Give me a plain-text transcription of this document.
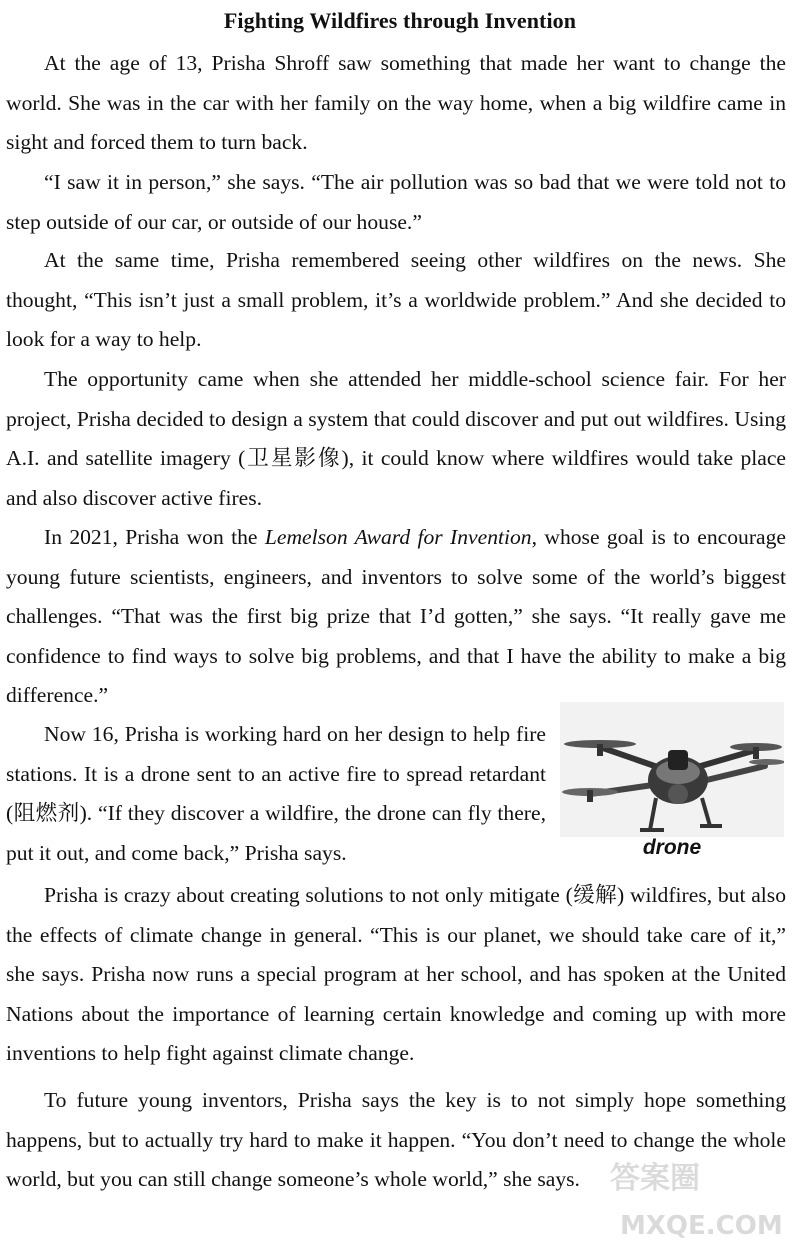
Fighting Wildfires through Invention

At the age of 13, Prisha Shroff saw something that made her want to change the world. She was in the car with her family on the way home, when a big wildfire came in sight and forced them to turn back.

“I saw it in person,” she says. “The air pollution was so bad that we were told not to step outside of our car, or outside of our house.”

At the same time, Prisha remembered seeing other wildfires on the news. She thought, “This isn’t just a small problem, it’s a worldwide problem.” And she decided to look for a way to help.

The opportunity came when she attended her middle-school science fair. For her project, Prisha decided to design a system that could discover and put out wildfires. Using A.I. and satellite imagery (卫星影像), it could know where wildfires would take place and also discover active fires.

In 2021, Prisha won the Lemelson Award for Invention, whose goal is to encourage young future scientists, engineers, and inventors to solve some of the world’s biggest challenges. “That was the first big prize that I’d gotten,” she says. “It really gave me confidence to find ways to solve big problems, and that I have the ability to make a big difference.”

Now 16, Prisha is working hard on her design to help fire stations. It is a drone sent to an active fire to spread retardant (阻燃剂). “If they discover a wildfire, the drone can fly there, put it out, and come back,” Prisha says.	drone

Prisha is crazy about creating solutions to not only mitigate (缓解) wildfires, but also the effects of climate change in general. “This is our planet, we should take care of it,” she says. Prisha now runs a special program at her school, and has spoken at the United Nations about the importance of learning certain knowledge and coming up with more inventions to help fight against climate change.

To future young inventors, Prisha says the key is to not simply hope something happens, but to actually try hard to make it happen. “You don’t need to change the whole world, but you can still change someone’s whole world,” she says.	答案圈
MXQE.COM
